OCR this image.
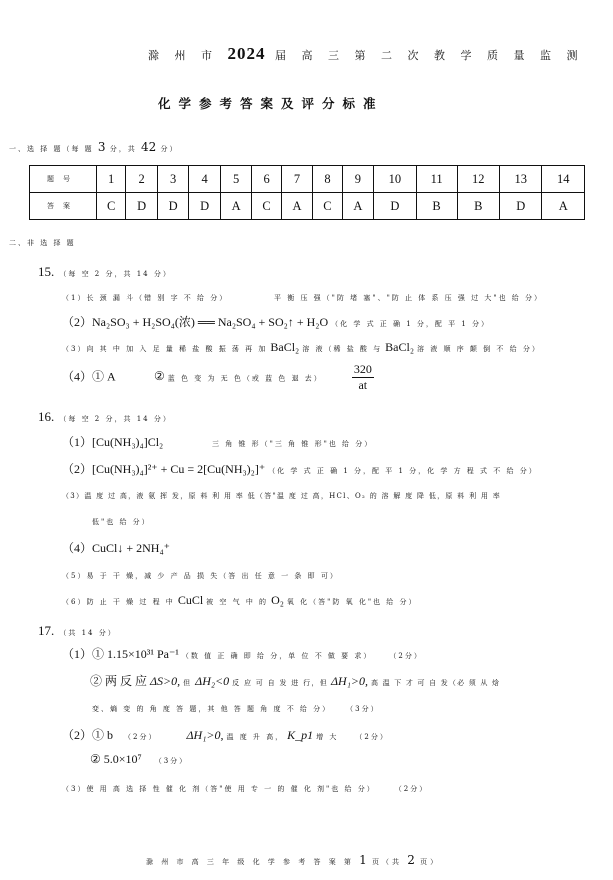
滁 州 市 2024 届 高 三 第 二 次 教 学 质 量 监 测
化学参考答案及评分标准
一、选 择 题（每 题 3 分，共 42 分）
题号	1	2	3	4	5	6	7	8	9	10	11	12	13	14
答案	C	D	D	D	A	C	A	C	A	D	B	B	D	A
二、非 选 择 题
15. （每 空 2 分，共 14 分）
（1）长 颈 漏 斗（错 别 字 不 给 分）	平 衡 压 强（"防 堵 塞"、"防 止 体 系 压 强 过 大"也 给 分）
（2）Na₂SO₃ + H₂SO₄(浓) ══ Na₂SO₄ + SO₂↑ + H₂O （化 学 式 正 确 1 分，配 平 1 分）
（3）向 其 中 加 入 足 量 稀 盐 酸 振 荡 再 加 BaCl₂ 溶 液（稀 盐 酸 与 BaCl₂ 溶 液 顺 序 颠 倒 不 给 分）
（4）① A	② 蓝 色 变 为 无 色（或 蓝 色 退 去） $\frac{320}{at}$
16. （每 空 2 分，共 14 分）
（1）[Cu(NH₃)₄]Cl₂	三 角 锥 形（"三 角 锥 形"也 给 分）
（2）[Cu(NH₃)₄]²⁺ + Cu = 2[Cu(NH₃)₂]⁺ （化 学 式 正 确 1 分，配 平 1 分，化 学 方 程 式 不 给 分）
（3）温 度 过 高，液 氨 挥 发，原 料 利 用 率 低（答"温 度 过 高，HCl、O₂ 的 溶 解 度 降 低，原 料 利 用 率
低"也 给 分）
（4）CuCl↓ + 2NH₄⁺
（5）易 于 干 燥，减 少 产 品 损 失（答 出 任 意 一 条 即 可）
（6）防 止 干 燥 过 程 中 CuCl 被 空 气 中 的 O₂ 氧 化（答"防 氧 化"也 给 分）
17. （共 14 分）
（1）① 1.15×10³¹ Pa⁻¹ （数 值 正 确 即 给 分，单 位 不 做 要 求） （2分）
② 两 反 应 ΔS>0, 但 ΔH₂<0 反 应 可 自 发 进 行，但 ΔH₁>0, 高 温 下 才 可 自 发（必 须 从 焓
变、熵 变 的 角 度 答 题，其 他 答 题 角 度 不 给 分） （3分）
（2）① b （2分） ΔH₁>0, 温 度 升 高， K_p1 增 大 （2分）
② 5.0×10⁷ （3分）
（3）使 用 高 选 择 性 催 化 剂（答"使 用 专 一 的 催 化 剂"也 给 分）	（2分）
滁 州 市 高 三 年 级 化 学 参 考 答 案 第 1 页（共 2 页）
